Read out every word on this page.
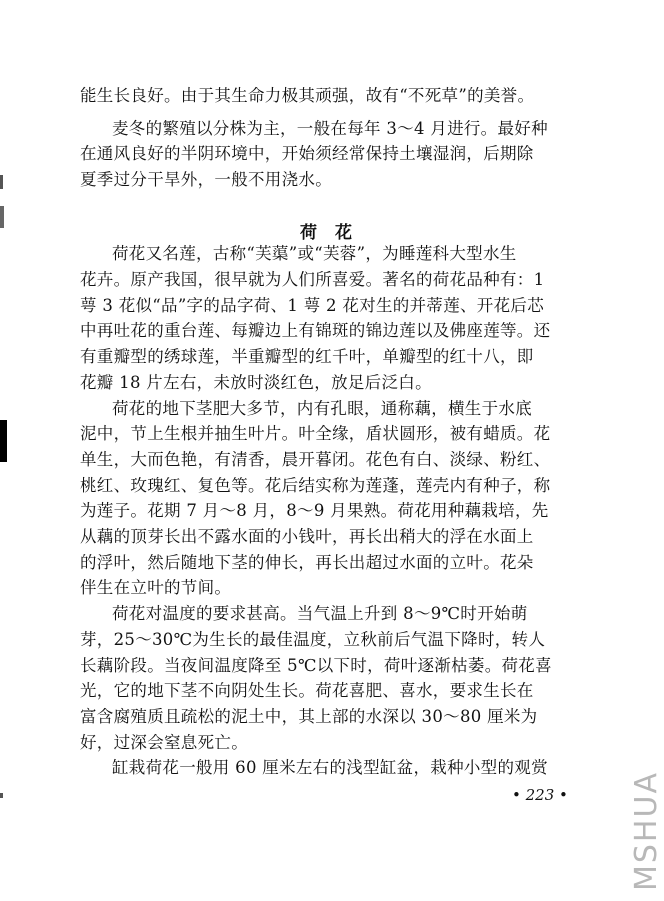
能生长良好。由于其生命力极其顽强，故有“不死草”的美誉。
麦冬的繁殖以分株为主，一般在每年 3～4 月进行。最好种
在通风良好的半阴环境中，开始须经常保持土壤湿润，后期除
夏季过分干旱外，一般不用浇水。
荷花
荷花又名莲，古称“芙蕖”或“芙蓉”，为睡莲科大型水生
花卉。原产我国，很早就为人们所喜爱。著名的荷花品种有：1
萼 3 花似“品”字的品字荷、1 萼 2 花对生的并蒂莲、开花后芯
中再吐花的重台莲、每瓣边上有锦斑的锦边莲以及佛座莲等。还
有重瓣型的绣球莲，半重瓣型的红千叶，单瓣型的红十八，即
花瓣 18 片左右，未放时淡红色，放足后泛白。
荷花的地下茎肥大多节，内有孔眼，通称藕，横生于水底
泥中，节上生根并抽生叶片。叶全缘，盾状圆形，被有蜡质。花
单生，大而色艳，有清香，晨开暮闭。花色有白、淡绿、粉红、
桃红、玫瑰红、复色等。花后结实称为莲蓬，莲壳内有种子，称
为莲子。花期 7 月～8 月，8～9 月果熟。荷花用种藕栽培，先
从藕的顶芽长出不露水面的小钱叶，再长出稍大的浮在水面上
的浮叶，然后随地下茎的伸长，再长出超过水面的立叶。花朵
伴生在立叶的节间。
荷花对温度的要求甚高。当气温上升到 8～9℃时开始萌
芽，25～30℃为生长的最佳温度，立秋前后气温下降时，转人
长藕阶段。当夜间温度降至 5℃以下时，荷叶逐渐枯萎。荷花喜
光，它的地下茎不向阴处生长。荷花喜肥、喜水，要求生长在
富含腐殖质且疏松的泥土中，其上部的水深以 30～80 厘米为
好，过深会窒息死亡。
缸栽荷花一般用 60 厘米左右的浅型缸盆，栽种小型的观赏
• 223 • MSHUA
